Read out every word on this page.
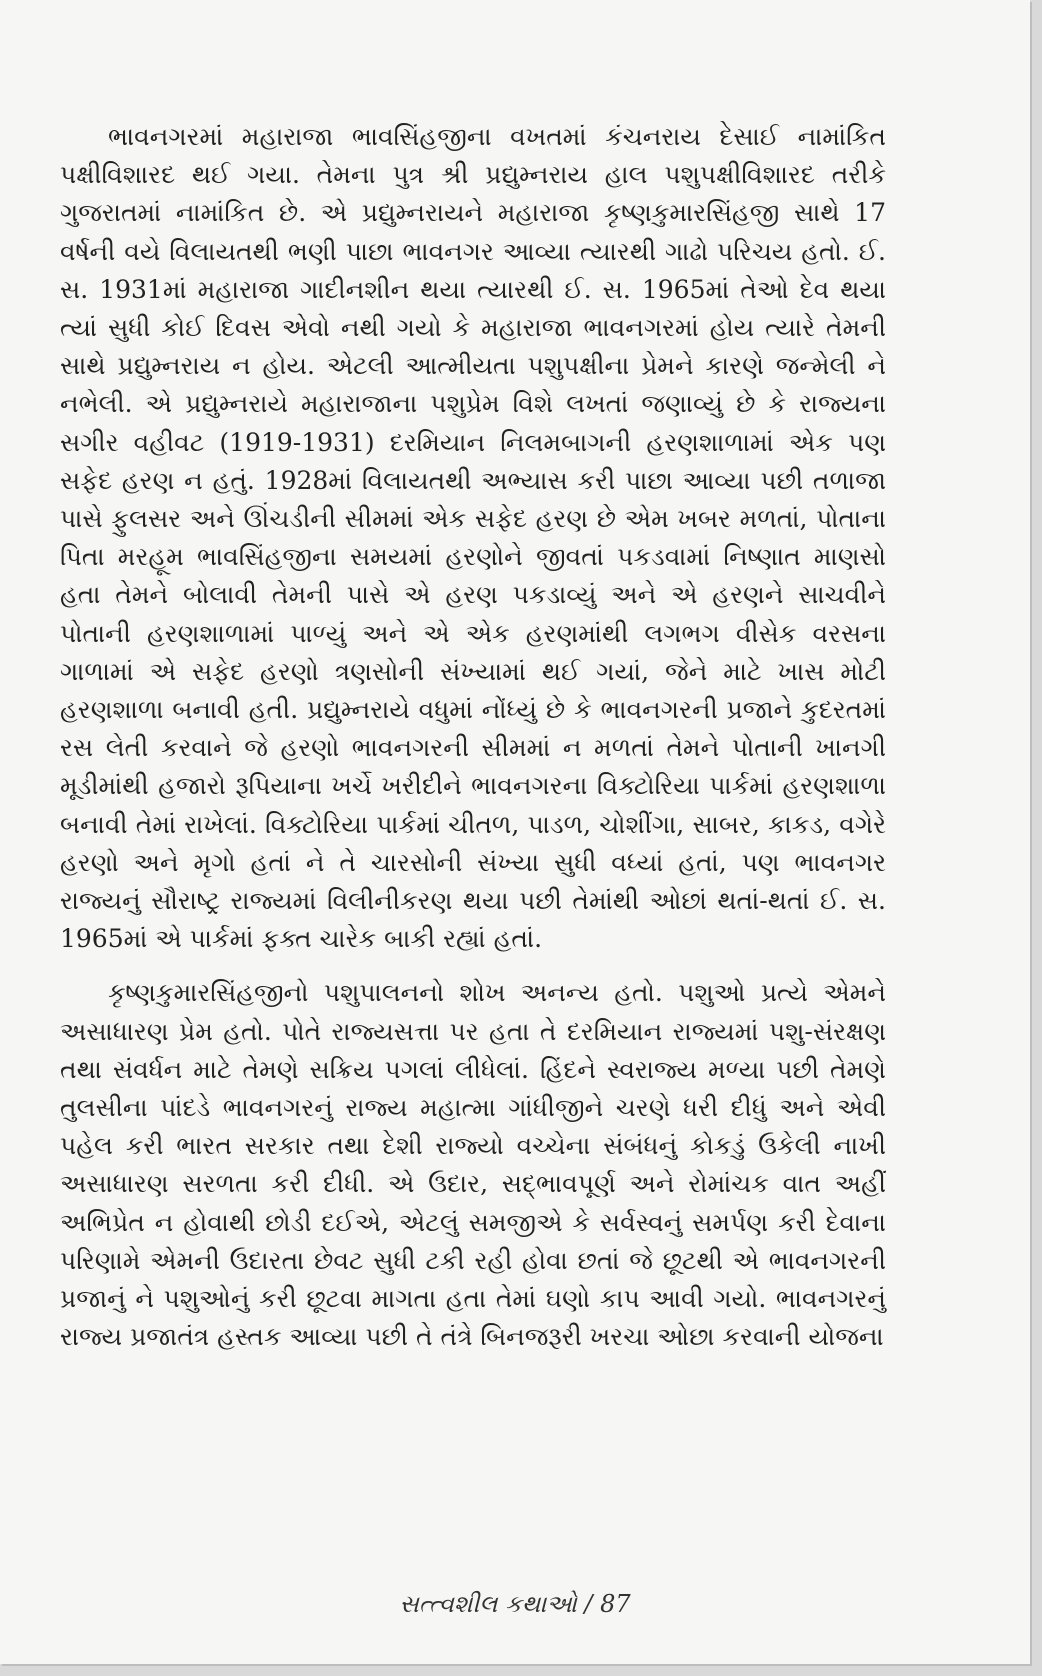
ભાવનગરમાં મહારાજા ભાવસિંહજીના વખતમાં કંચનરાય દેસાઈ નામાંકિત પક્ષીવિશારદ થઈ ગયા. તેમના પુત્ર શ્રી પ્રદ્યુમ્નરાય હાલ પશુપક્ષીવિશારદ તરીકે ગુજરાતમાં નામાંકિત છે. એ પ્રદ્યુમ્નરાયને મહારાજા કૃષ્ણકુમારસિંહજી સાથે 17 વર્ષની વયે વિલાયતથી ભણી પાછા ભાવનગર આવ્યા ત્યારથી ગાઢો પરિચય હતો. ઈ. સ. 1931માં મહારાજા ગાદીનશીન થયા ત્યારથી ઈ. સ. 1965માં તેઓ દેવ થયા ત્યાં સુધી કોઈ દિવસ એવો નથી ગયો કે મહારાજા ભાવનગરમાં હોય ત્યારે તેમની સાથે પ્રદ્યુમ્નરાય ન હોય. એટલી આત્મીયતા પશુપક્ષીના પ્રેમને કારણે જન્મેલી ને નભેલી. એ પ્રદ્યુમ્નરાયે મહારાજાના પશુપ્રેમ વિશે લખતાં જણાવ્યું છે કે રાજ્યના સગીર વહીવટ (1919-1931) દરમિયાન નિલમબાગની હરણશાળામાં એક પણ સફેદ હરણ ન હતું. 1928માં વિલાયતથી અભ્યાસ કરી પાછા આવ્યા પછી તળાજા પાસે ફુલસર અને ઊંચડીની સીમમાં એક સફેદ હરણ છે એમ ખબર મળતાં, પોતાના પિતા મરહૂમ ભાવસિંહજીના સમયમાં હરણોને જીવતાં પકડવામાં નિષ્ણાત માણસો હતા તેમને બોલાવી તેમની પાસે એ હરણ પકડાવ્યું અને એ હરણને સાચવીને પોતાની હરણશાળામાં પાળ્યું અને એ એક હરણમાંથી લગભગ વીસેક વરસના ગાળામાં એ સફેદ હરણો ત્રણસોની સંખ્યામાં થઈ ગયાં, જેને માટે ખાસ મોટી હરણશાળા બનાવી હતી. પ્રદ્યુમ્નરાયે વધુમાં નોંધ્યું છે કે ભાવનગરની પ્રજાને કુદરતમાં રસ લેતી કરવાને જે હરણો ભાવનગરની સીમમાં ન મળતાં તેમને પોતાની ખાનગી મૂડીમાંથી હજારો રૂપિયાના ખર્ચે ખરીદીને ભાવનગરના વિક્ટોરિયા પાર્કમાં હરણશાળા બનાવી તેમાં રાખેલાં. વિક્ટોરિયા પાર્કમાં ચીતળ, પાડળ, ચોશીંગા, સાબર, કાકડ, વગેરે હરણો અને મૃગો હતાં ને તે ચારસોની સંખ્યા સુધી વધ્યાં હતાં, પણ ભાવનગર રાજ્યનું સૌરાષ્ટ્ર રાજ્યમાં વિલીનીકરણ થયા પછી તેમાંથી ઓછાં થતાં-થતાં ઈ. સ. 1965માં એ પાર્કમાં ફક્ત ચારેક બાકી રહ્યાં હતાં.

કૃષ્ણકુમારસિંહજીનો પશુપાલનનો શોખ અનન્ય હતો. પશુઓ પ્રત્યે એમને અસાધારણ પ્રેમ હતો. પોતે રાજ્યસત્તા પર હતા તે દરમિયાન રાજ્યમાં પશુ-સંરક્ષણ તથા સંવર્ધન માટે તેમણે સક્રિય પગલાં લીધેલાં. હિંદને સ્વરાજ્ય મળ્યા પછી તેમણે તુલસીના પાંદડે ભાવનગરનું રાજ્ય મહાત્મા ગાંધીજીને ચરણે ધરી દીધું અને એવી પહેલ કરી ભારત સરકાર તથા દેશી રાજ્યો વચ્ચેના સંબંધનું કોકડું ઉકેલી નાખી અસાધારણ સરળતા કરી દીધી. એ ઉદાર, સદ્ભાવપૂર્ણ અને રોમાંચક વાત અહીં અભિપ્રેત ન હોવાથી છોડી દઈએ, એટલું સમજીએ કે સર્વસ્વનું સમર્પણ કરી દેવાના પરિણામે એમની ઉદારતા છેવટ સુધી ટકી રહી હોવા છતાં જે છૂટથી એ ભાવનગરની પ્રજાનું ને પશુઓનું કરી છૂટવા માગતા હતા તેમાં ઘણો કાપ આવી ગયો. ભાવનગરનું રાજ્ય પ્રજાતંત્ર હસ્તક આવ્યા પછી તે તંત્રે બિનજરૂરી ખરચા ઓછા કરવાની યોજના

સત્ત્વશીલ કથાઓ / 87
